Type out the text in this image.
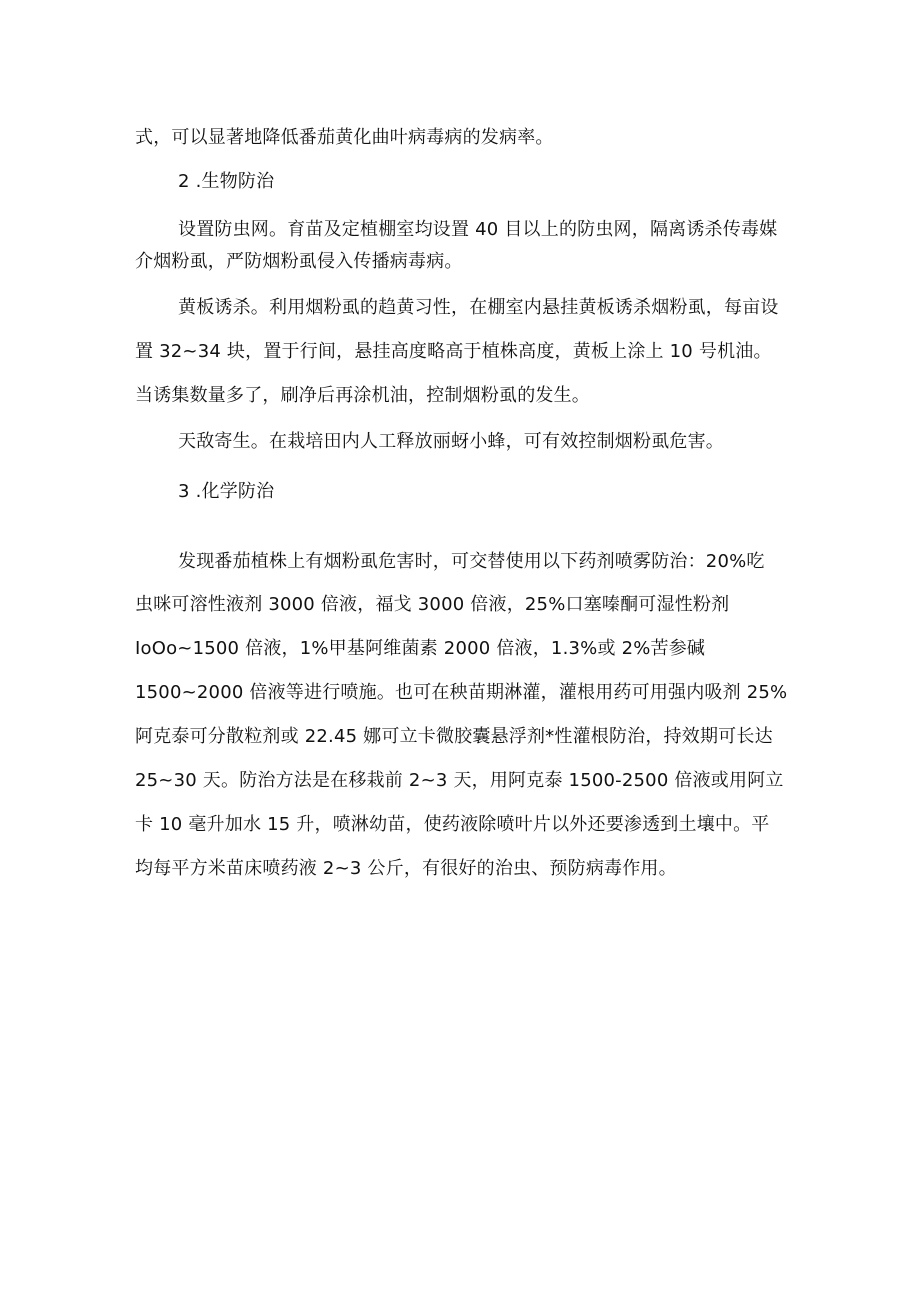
式，可以显著地降低番茄黄化曲叶病毒病的发病率。
2 .生物防治
设置防虫网。育苗及定植棚室均设置 40 目以上的防虫网，隔离诱杀传毒媒
介烟粉虱，严防烟粉虱侵入传播病毒病。
黄板诱杀。利用烟粉虱的趋黄习性，在棚室内悬挂黄板诱杀烟粉虱，每亩设
置 32~34 块，置于行间，悬挂高度略高于植株高度，黄板上涂上 10 号机油。
当诱集数量多了，刷净后再涂机油，控制烟粉虱的发生。
天敌寄生。在栽培田内人工释放丽蚜小蜂，可有效控制烟粉虱危害。
3 .化学防治
发现番茄植株上有烟粉虱危害时，可交替使用以下药剂喷雾防治：20%吃
虫咪可溶性液剂 3000 倍液，福戈 3000 倍液，25%口塞嗪酮可湿性粉剂
IoOo~1500 倍液，1%甲基阿维菌素 2000 倍液，1.3%或 2%苦参碱
1500~2000 倍液等进行喷施。也可在秧苗期淋灌，灌根用药可用强内吸剂 25%
阿克泰可分散粒剂或 22.45 娜可立卡微胶囊悬浮剂*性灌根防治，持效期可长达
25~30 天。防治方法是在移栽前 2~3 天，用阿克泰 1500-2500 倍液或用阿立
卡 10 毫升加水 15 升，喷淋幼苗，使药液除喷叶片以外还要渗透到土壤中。平
均每平方米苗床喷药液 2~3 公斤，有很好的治虫、预防病毒作用。
